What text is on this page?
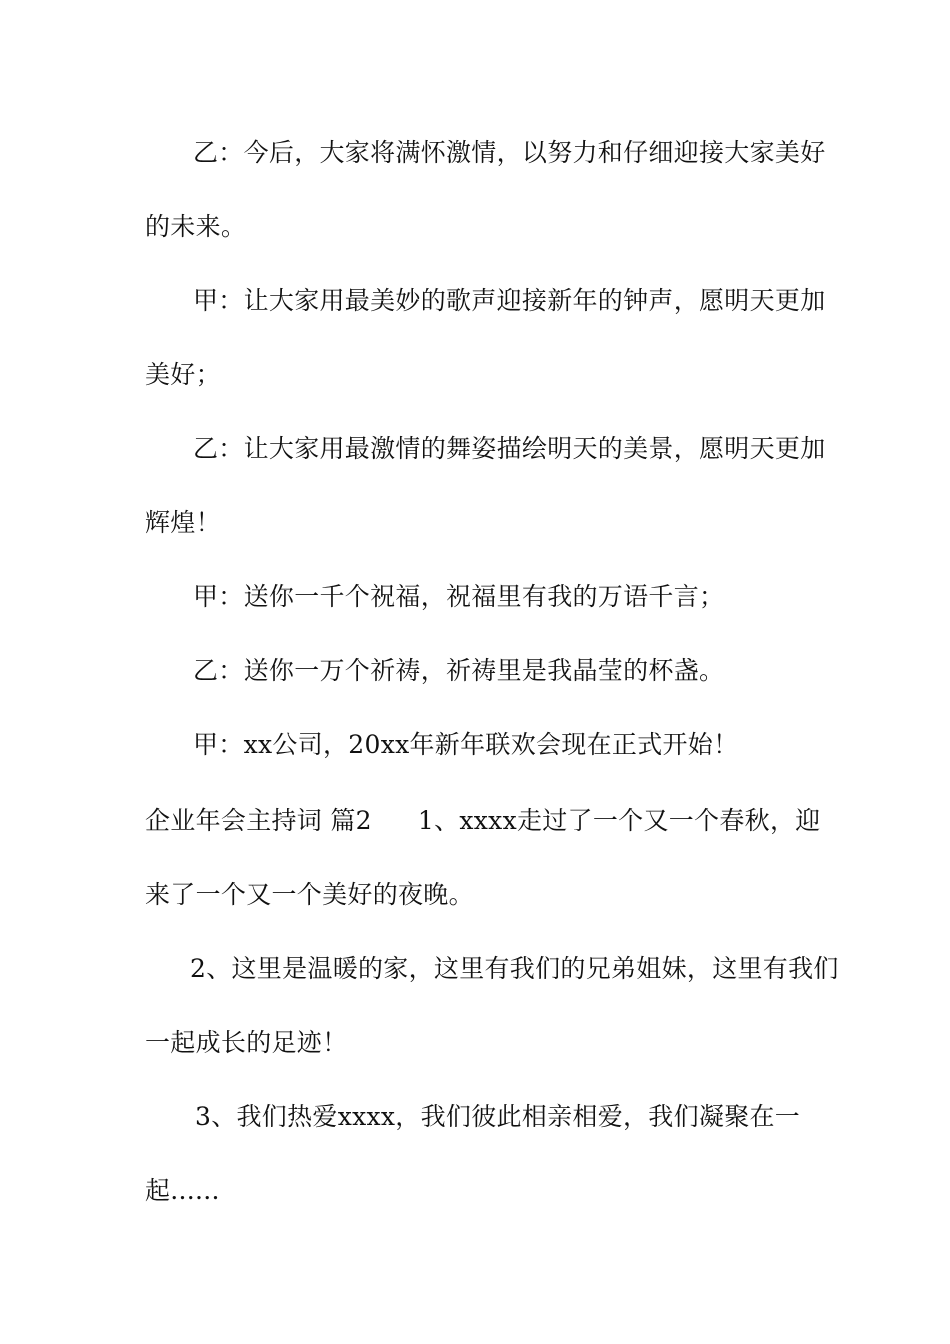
乙：今后，大家将满怀激情，以努力和仔细迎接大家美好
的未来。
甲：让大家用最美妙的歌声迎接新年的钟声，愿明天更加
美好；
乙：让大家用最激情的舞姿描绘明天的美景，愿明天更加
辉煌！
甲：送你一千个祝福，祝福里有我的万语千言；
乙：送你一万个祈祷，祈祷里是我晶莹的杯盏。
甲：xx公司，20xx年新年联欢会现在正式开始！
企业年会主持词 篇2 1、xxxx走过了一个又一个春秋，迎
来了一个又一个美好的夜晚。
2、这里是温暖的家，这里有我们的兄弟姐妹，这里有我们
一起成长的足迹！
3、我们热爱xxxx，我们彼此相亲相爱，我们凝聚在一
起......
